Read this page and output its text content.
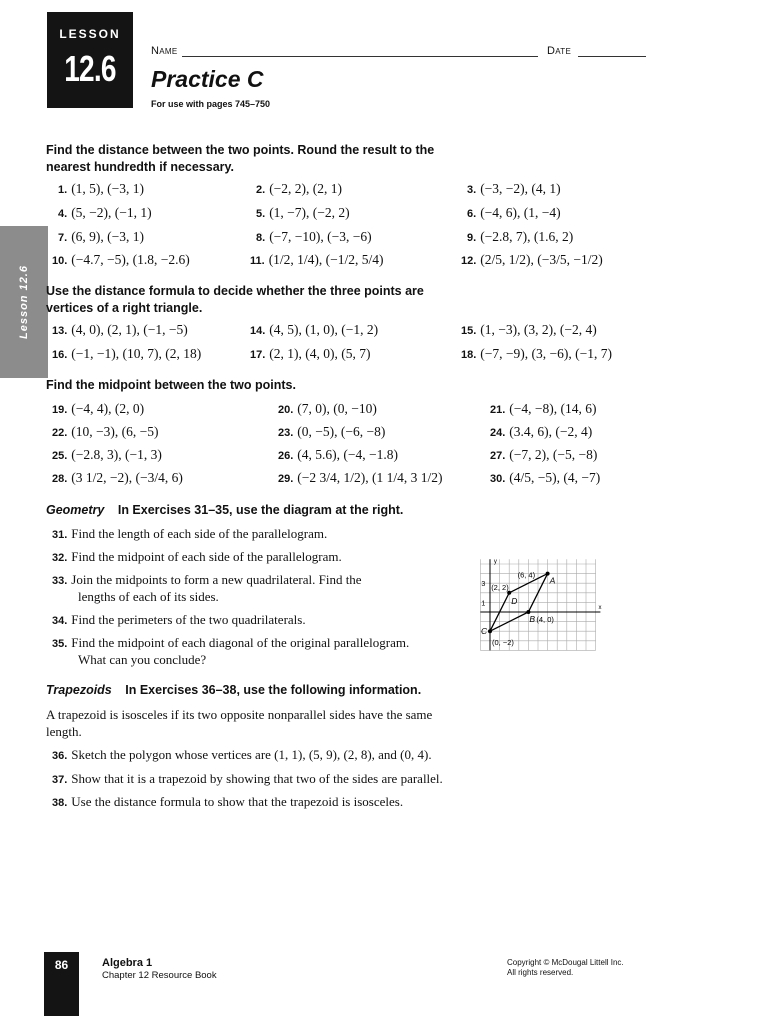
LESSON
12.6	Name	Date
Practice C
For use with pages 745–750
Lesson 12.6
Find the distance between the two points. Round the result to the
nearest hundredth if necessary.
1. (1, 5), (−3, 1)	2. (−2, 2), (2, 1)	3. (−3, −2), (4, 1)
4. (5, −2), (−1, 1)	5. (1, −7), (−2, 2)	6. (−4, 6), (1, −4)
7. (6, 9), (−3, 1)	8. (−7, −10), (−3, −6)	9. (−2.8, 7), (1.6, 2)
10. (−4.7, −5), (1.8, −2.6)	11. (1/2, 1/4), (−1/2, 5/4)	12. (2/5, 1/2), (−3/5, −1/2)
Use the distance formula to decide whether the three points are
vertices of a right triangle.
13. (4, 0), (2, 1), (−1, −5)	14. (4, 5), (1, 0), (−1, 2)	15. (1, −3), (3, 2), (−2, 4)
16. (−1, −1), (10, 7), (2, 18)	17. (2, 1), (4, 0), (5, 7)	18. (−7, −9), (3, −6), (−1, 7)
Find the midpoint between the two points.
19. (−4, 4), (2, 0)	20. (7, 0), (0, −10)	21. (−4, −8), (14, 6)
22. (10, −3), (6, −5)	23. (0, −5), (−6, −8)	24. (3.4, 6), (−2, 4)
25. (−2.8, 3), (−1, 3)	26. (4, 5.6), (−4, −1.8)	27. (−7, 2), (−5, −8)
28. (3 1/2, −2), (−3/4, 6)	29. (−2 3/4, 1/2), (1 1/4, 3 1/2)	30. (4/5, −5), (4, −7)
Geometry In Exercises 31–35, use the diagram at the right.
31. Find the length of each side of the parallelogram.
32. Find the midpoint of each side of the parallelogram.
33. Join the midpoints to form a new quadrilateral. Find the
lengths of each of its sides.
34. Find the perimeters of the two quadrilaterals.
35. Find the midpoint of each diagonal of the original parallelogram.
What can you conclude?
y
x
3
1
(6, 4)
A
(2, 2)
D
(4, 0)
B
(0, −2)
C
Trapezoids In Exercises 36–38, use the following information.
A trapezoid is isosceles if its two opposite nonparallel sides have the same
length.
36. Sketch the polygon whose vertices are (1, 1), (5, 9), (2, 8), and (0, 4).
37. Show that it is a trapezoid by showing that two of the sides are parallel.
38. Use the distance formula to show that the trapezoid is isosceles.
86	Algebra 1
Chapter 12 Resource Book
Copyright © McDougal Littell Inc.
All rights reserved.
